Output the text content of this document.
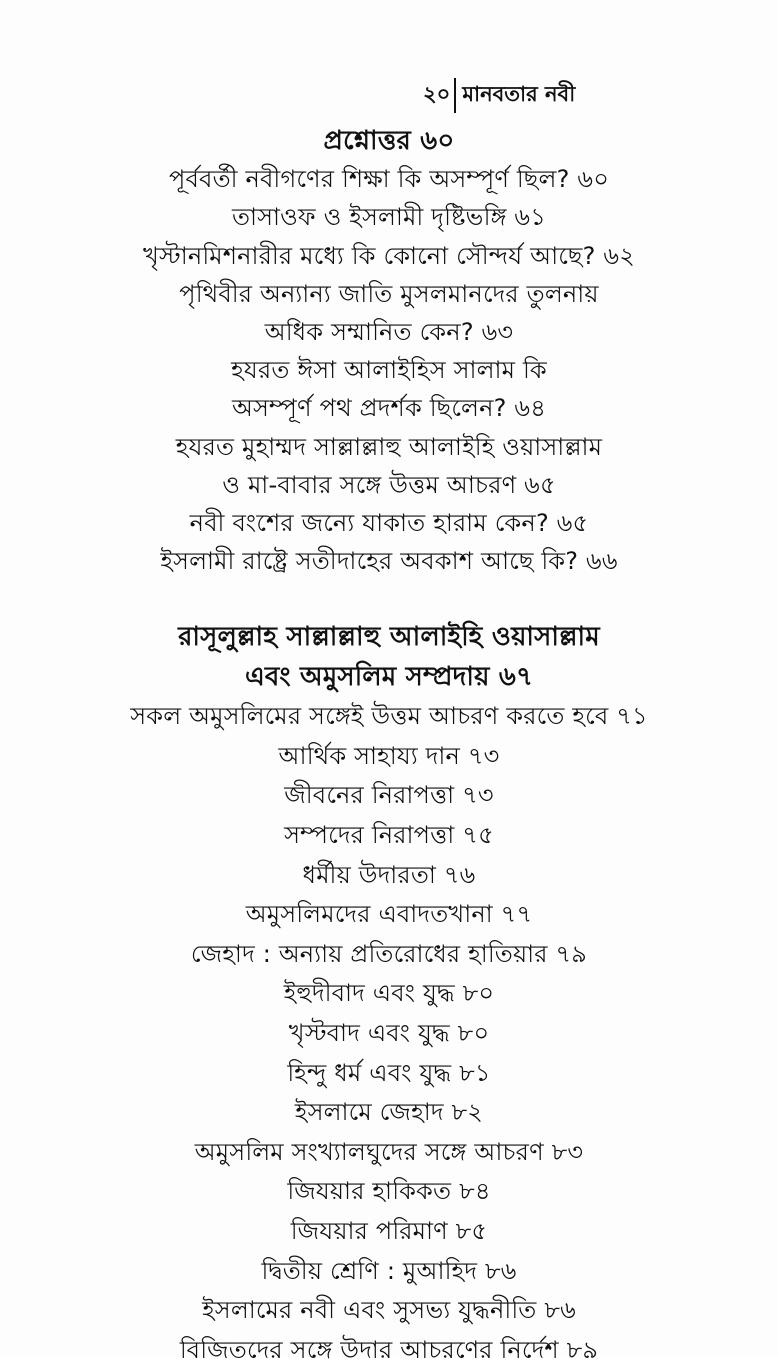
২০ মানবতার নবী
প্রশ্নোত্তর ৬০
পূর্ববর্তী নবীগণের শিক্ষা কি অসম্পূর্ণ ছিল? ৬০
তাসাওফ ও ইসলামী দৃষ্টিভঙ্গি ৬১
খৃস্টানমিশনারীর মধ্যে কি কোনো সৌন্দর্য আছে? ৬২
পৃথিবীর অন্যান্য জাতি মুসলমানদের তুলনায়
অধিক সম্মানিত কেন? ৬৩
হযরত ঈসা আলাইহিস সালাম কি
অসম্পূর্ণ পথ প্রদর্শক ছিলেন? ৬৪
হযরত মুহাম্মদ সাল্লাল্লাহু আলাইহি ওয়াসাল্লাম
ও মা-বাবার সঙ্গে উত্তম আচরণ ৬৫
নবী বংশের জন্যে যাকাত হারাম কেন? ৬৫
ইসলামী রাষ্ট্রে সতীদাহের অবকাশ আছে কি? ৬৬
রাসূলুল্লাহ সাল্লাল্লাহু আলাইহি ওয়াসাল্লাম
এবং অমুসলিম সম্প্রদায় ৬৭
সকল অমুসলিমের সঙ্গেই উত্তম আচরণ করতে হবে ৭১
আর্থিক সাহায্য দান ৭৩
জীবনের নিরাপত্তা ৭৩
সম্পদের নিরাপত্তা ৭৫
ধর্মীয় উদারতা ৭৬
অমুসলিমদের এবাদতখানা ৭৭
জেহাদ : অন্যায় প্রতিরোধের হাতিয়ার ৭৯
ইহুদীবাদ এবং যুদ্ধ ৮০
খৃস্টবাদ এবং যুদ্ধ ৮০
হিন্দু ধর্ম এবং যুদ্ধ ৮১
ইসলামে জেহাদ ৮২
অমুসলিম সংখ্যালঘুদের সঙ্গে আচরণ ৮৩
জিযয়ার হাকিকত ৮৪
জিযয়ার পরিমাণ ৮৫
দ্বিতীয় শ্রেণি : মুআহিদ ৮৬
ইসলামের নবী এবং সুসভ্য যুদ্ধনীতি ৮৬
বিজিতদের সঙ্গে উদার আচরণের নির্দেশ ৮৯
